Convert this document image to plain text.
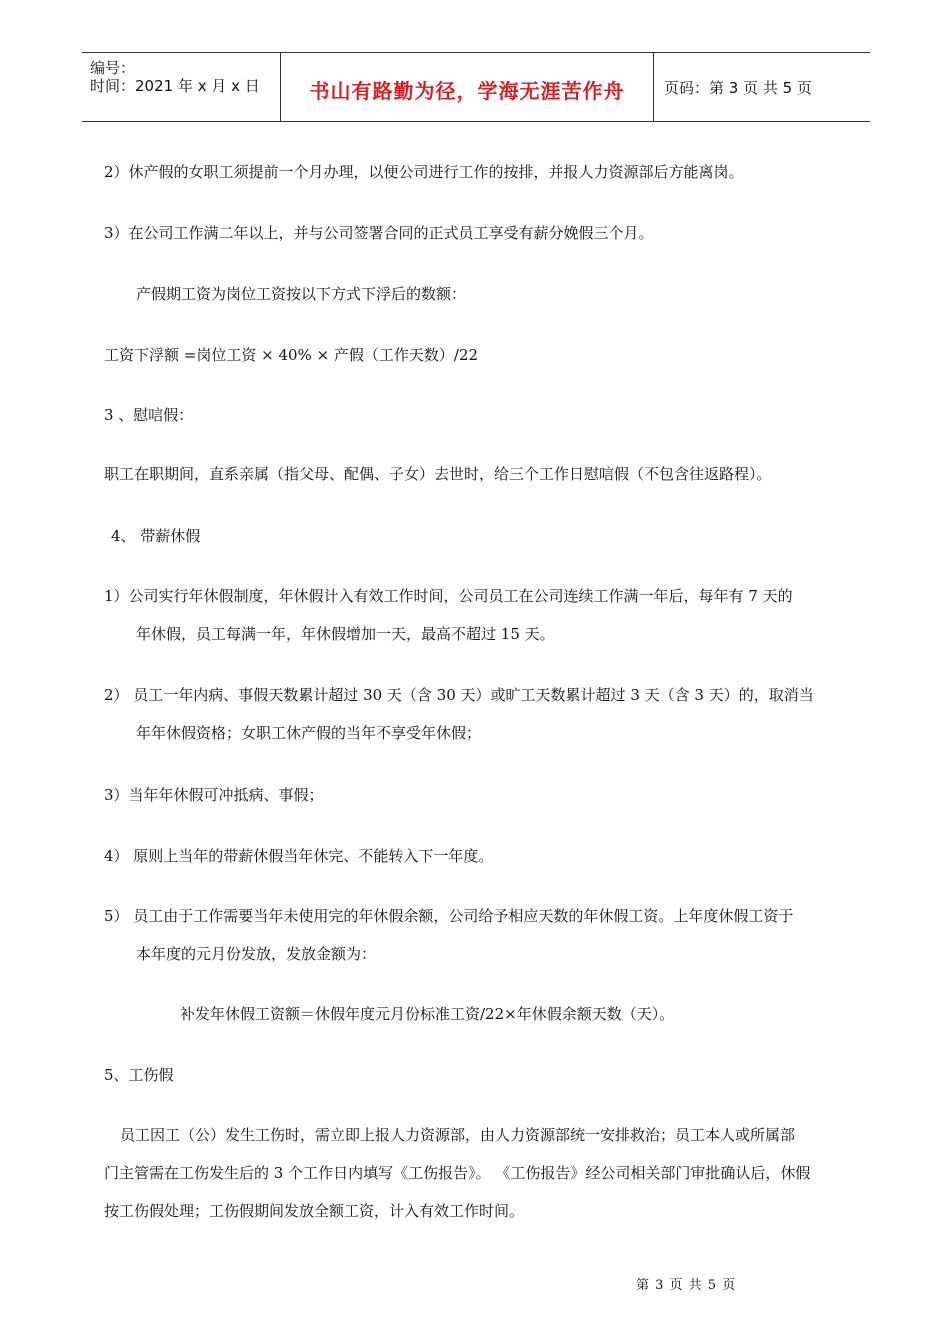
编号：
时间：2021 年 x 月 x 日	书山有路勤为径，学海无涯苦作舟	页码：第 3 页 共 5 页
2）休产假的女职工须提前一个月办理，以便公司进行工作的按排，并报人力资源部后方能离岗。
3）在公司工作满二年以上，并与公司签署合同的正式员工享受有薪分娩假三个月。
产假期工资为岗位工资按以下方式下浮后的数额：
工资下浮额 =岗位工资 × 40% × 产假（工作天数）/22
3 、慰唁假：
职工在职期间，直系亲属（指父母、配偶、子女）去世时，给三个工作日慰唁假（不包含往返路程）。
4、 带薪休假
1）公司实行年休假制度，年休假计入有效工作时间，公司员工在公司连续工作满一年后，每年有 7 天的
年休假，员工每满一年，年休假增加一天，最高不超过 15 天。
2） 员工一年内病、事假天数累计超过 30 天（含 30 天）或旷工天数累计超过 3 天（含 3 天）的，取消当
年年休假资格；女职工休产假的当年不享受年休假；
3）当年年休假可冲抵病、事假；
4） 原则上当年的带薪休假当年休完、不能转入下一年度。
5） 员工由于工作需要当年未使用完的年休假余额，公司给予相应天数的年休假工资。上年度休假工资于
本年度的元月份发放，发放金额为：
补发年休假工资额＝休假年度元月份标准工资/22×年休假余额天数（天）。
5、工伤假
员工因工（公）发生工伤时，需立即上报人力资源部，由人力资源部统一安排救治；员工本人或所属部
门主管需在工伤发生后的 3 个工作日内填写《工伤报告》。 《工伤报告》经公司相关部门审批确认后，休假
按工伤假处理；工伤假期间发放全额工资，计入有效工作时间。
第 3 页 共 5 页
